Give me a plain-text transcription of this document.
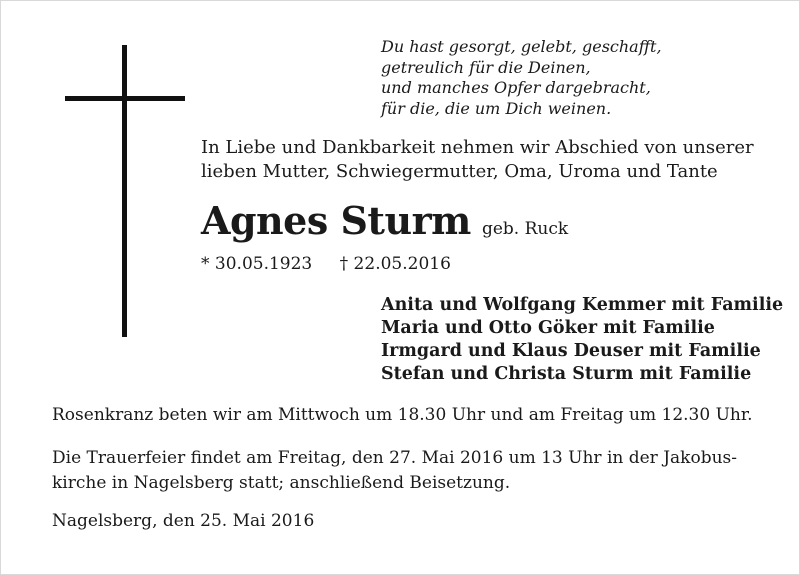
Du hast gesorgt, gelebt, geschafft,
getreulich für die Deinen,
und manches Opfer dargebracht,
für die, die um Dich weinen.
In Liebe und Dankbarkeit nehmen wir Abschied von unserer
lieben Mutter, Schwiegermutter, Oma, Uroma und Tante
Agnes Sturm geb. Ruck
* 30.05.1923 † 22.05.2016
Anita und Wolfgang Kemmer mit Familie
Maria und Otto Göker mit Familie
Irmgard und Klaus Deuser mit Familie
Stefan und Christa Sturm mit Familie
Rosenkranz beten wir am Mittwoch um 18.30 Uhr und am Freitag um 12.30 Uhr.
Die Trauerfeier findet am Freitag, den 27. Mai 2016 um 13 Uhr in der Jakobus-
kirche in Nagelsberg statt; anschließend Beisetzung.
Nagelsberg, den 25. Mai 2016
